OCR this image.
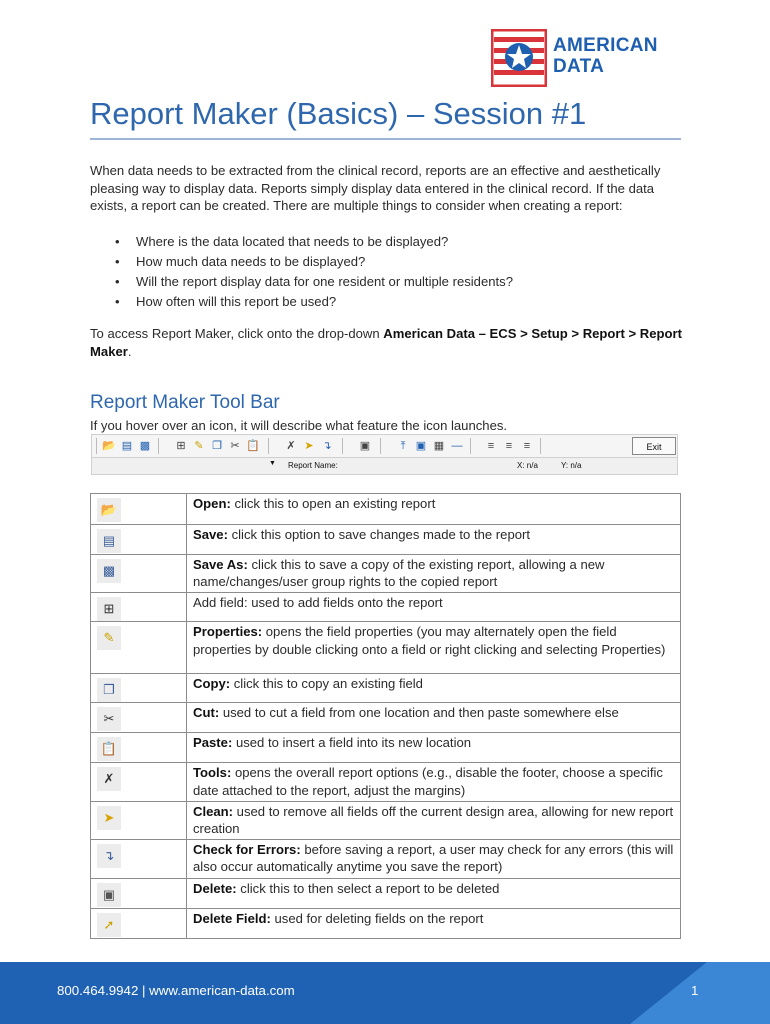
AMERICAN
DATA
Report Maker (Basics) – Session #1
When data needs to be extracted from the clinical record, reports are an effective and aesthetically pleasing way to display data. Reports simply display data entered in the clinical record. If the data exists, a report can be created. There are multiple things to consider when creating a report:
• Where is the data located that needs to be displayed?
• How much data needs to be displayed?
• Will the report display data for one resident or multiple residents?
• How often will this report be used?
To access Report Maker, click onto the drop-down American Data – ECS > Setup > Report > Report Maker.
Report Maker Tool Bar
If you hover over an icon, it will describe what feature the icon launches.
📂 ▤ ▩ ⊞ ✎ ❐ ✂ 📋 ✗ ➤ ↴	▣	⤒ ▣ ▦ —	≡	≡	≡	Exit
▼ Report Name:	X: n/a	Y: n/a
📂	Open: click this to open an existing report
▤	Save: click this option to save changes made to the report
▩	Save As: click this to save a copy of the existing report, allowing a new name/changes/user group rights to the copied report
⊞	Add field: used to add fields onto the report
✎	Properties: opens the field properties (you may alternately open the field properties by double clicking onto a field or right clicking and selecting Properties)
❐	Copy: click this to copy an existing field
✂	Cut: used to cut a field from one location and then paste somewhere else
📋	Paste: used to insert a field into its new location
✗	Tools: opens the overall report options (e.g., disable the footer, choose a specific date attached to the report, adjust the margins)
➤	Clean: used to remove all fields off the current design area, allowing for new report creation
↴	Check for Errors: before saving a report, a user may check for any errors (this will also occur automatically anytime you save the report)
▣	Delete: click this to then select a report to be deleted
➚	Delete Field: used for deleting fields on the report
800.464.9942 | www.american-data.com	1
